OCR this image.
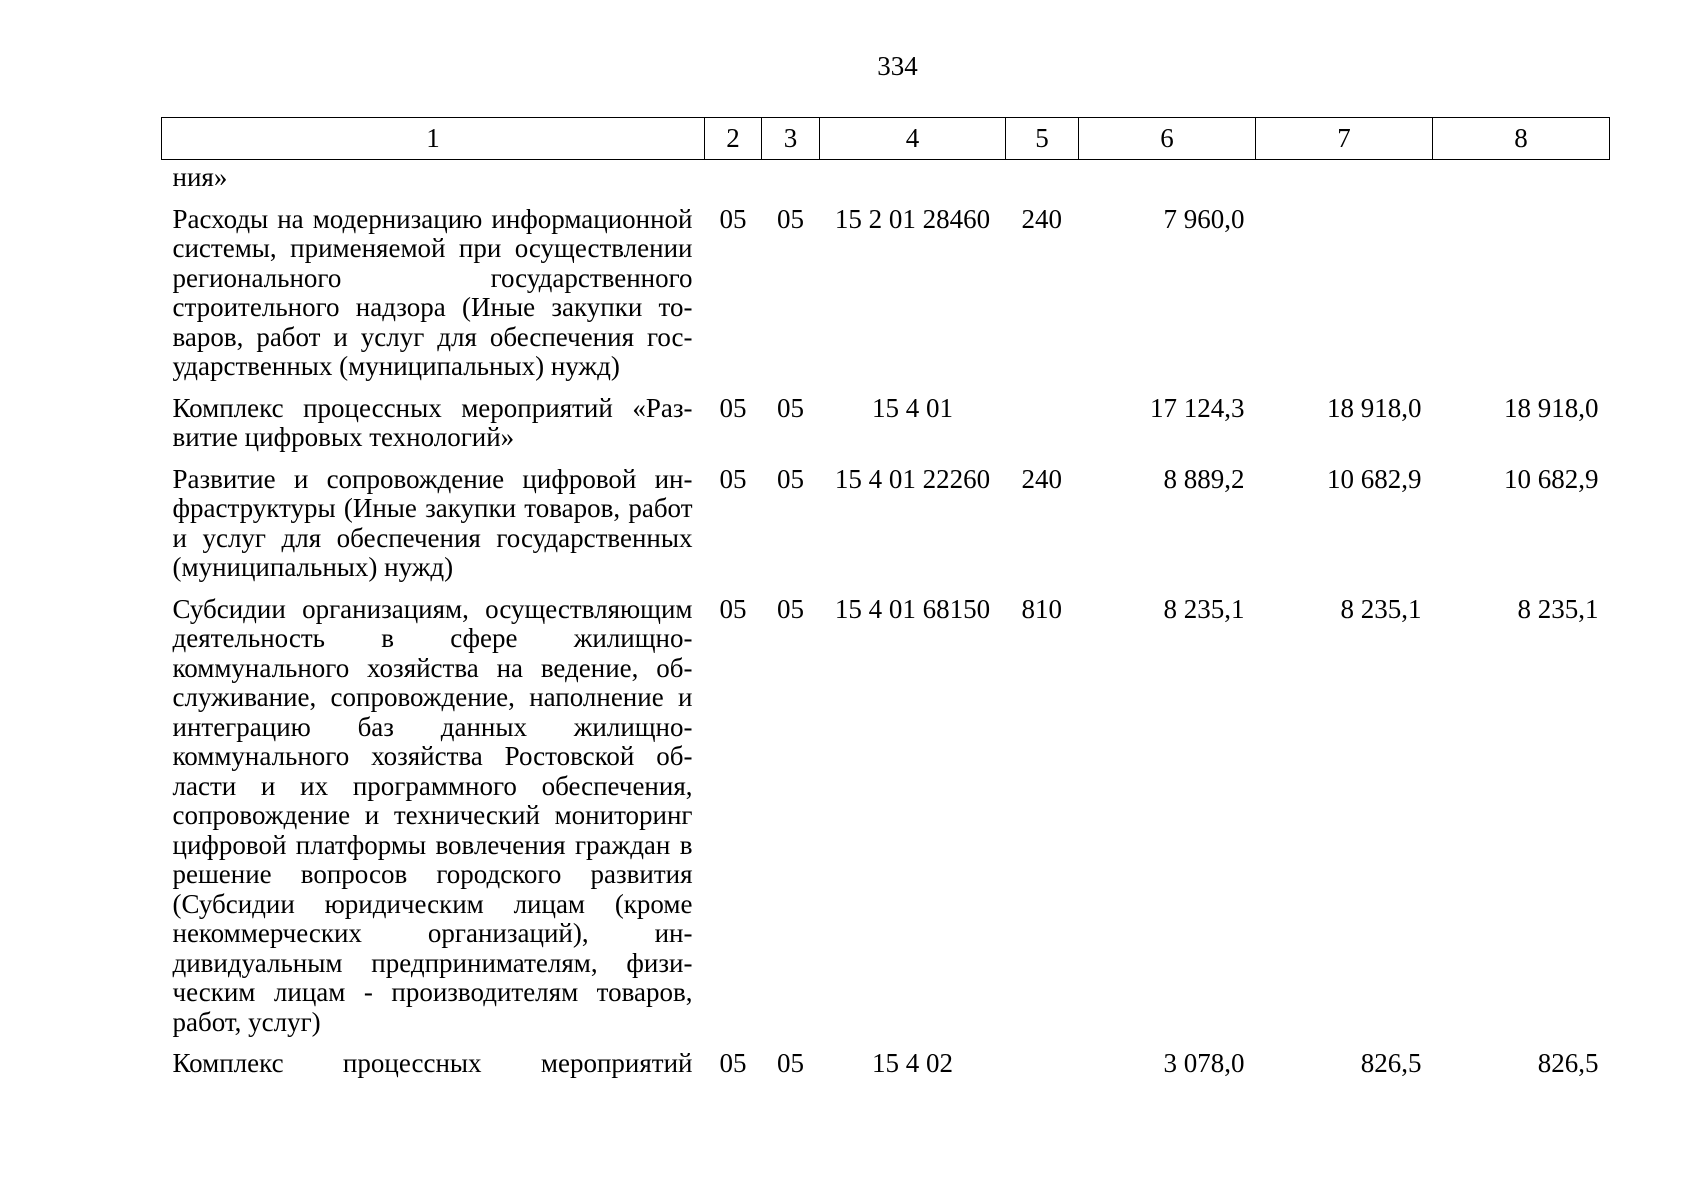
334
1	2	3	4	5	6	7	8
ния»							
Расходы на модернизацию информационной системы, применяемой при осуществлении регионального государственного строительного надзора (Иные закупки товаров, работ и услуг для обеспечения государственных (муниципальных) нужд)	05	05	15 2 01 28460	240	7 960,0		
Комплекс процессных мероприятий «Развитие цифровых технологий»	05	05	15 4 01		17 124,3	18 918,0	18 918,0
Развитие и сопровождение цифровой инфраструктуры (Иные закупки товаров, работ и услуг для обеспечения государственных (муниципальных) нужд)	05	05	15 4 01 22260	240	8 889,2	10 682,9	10 682,9
Субсидии организациям, осуществляющим деятельность в сфере жилищно-коммунального хозяйства на ведение, обслуживание, сопровождение, наполнение и интеграцию баз данных жилищно-коммунального хозяйства Ростовской области и их программного обеспечения, сопровождение и технический мониторинг цифровой платформы вовлечения граждан в решение вопросов городского развития (Субсидии юридическим лицам (кроме некоммерческих организаций), индивидуальным предпринимателям, физическим лицам - производителям товаров, работ, услуг)	05	05	15 4 01 68150	810	8 235,1	8 235,1	8 235,1
Комплекс процессных мероприятий	05	05	15 4 02		3 078,0	826,5	826,5
